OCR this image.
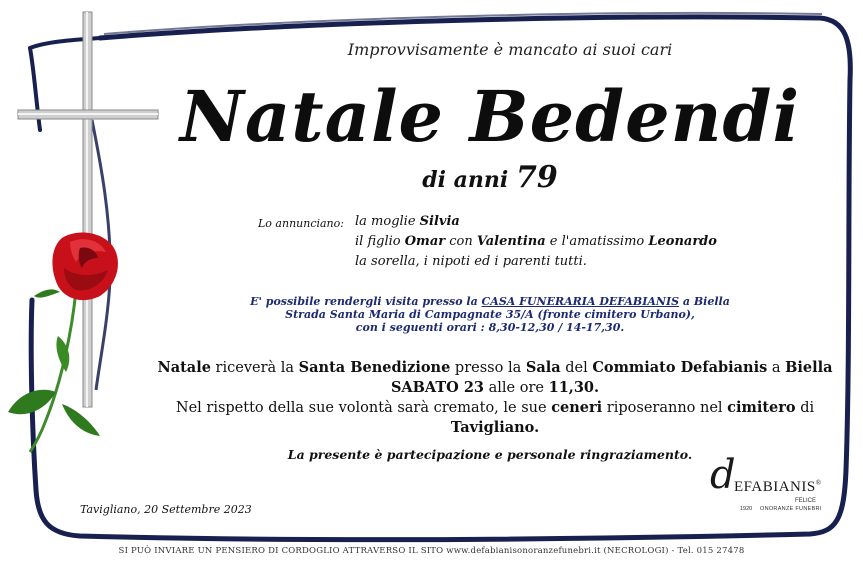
Improvvisamente è mancato ai suoi cari
Natale Bedendi
di anni 79
Lo annunciano: la moglie Silvia
il figlio Omar con Valentina e l'amatissimo Leonardo
la sorella, i nipoti ed i parenti tutti.
E' possibile rendergli visita presso la CASA FUNERARIA DEFABIANIS a Biella
Strada Santa Maria di Campagnate 35/A (fronte cimitero Urbano),
con i seguenti orari : 8,30-12,30 / 14-17,30.
Natale riceverà la Santa Benedizione presso la Sala del Commiato Defabianis a Biella
SABATO 23 alle ore 11,30.
Nel rispetto della sue volontà sarà cremato, le sue ceneri riposeranno nel cimitero di Tavigliano.
La presente è partecipazione e personale ringraziamento.
Tavigliano, 20 Settembre 2023
d
EFABIANIS®
FELICE
1920 ONORANZE FUNEBRI
SI PUÒ INVIARE UN PENSIERO DI CORDOGLIO ATTRAVERSO IL SITO www.defabianisonoranzefunebri.it (NECROLOGI) - Tel. 015 27478
